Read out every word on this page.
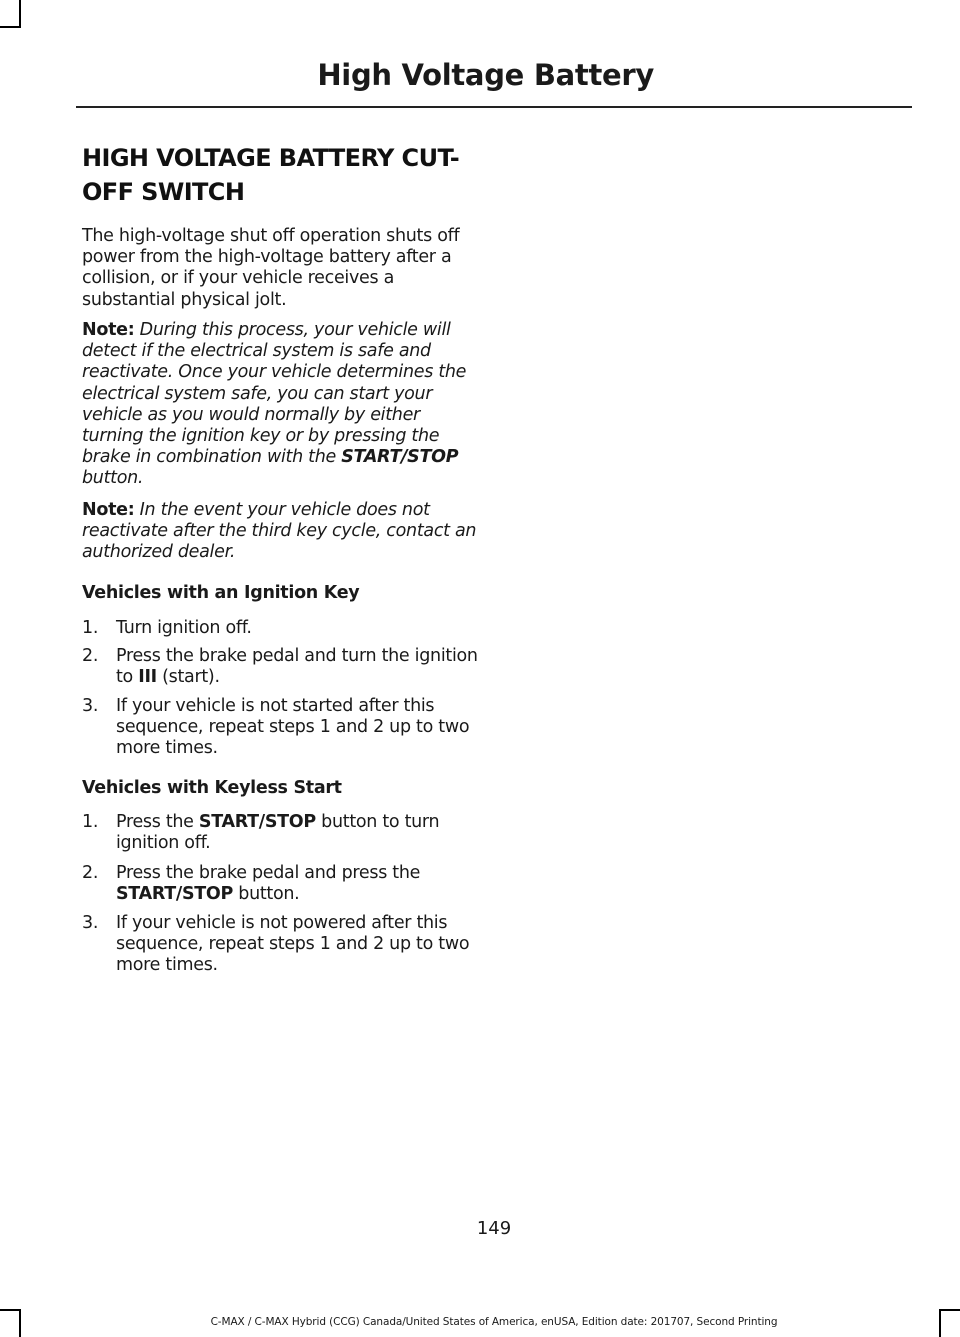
High Voltage Battery
HIGH VOLTAGE BATTERY CUT-
OFF SWITCH
The high-voltage shut off operation shuts off power from the high-voltage battery after a collision, or if your vehicle receives a substantial physical jolt.
Note: During this process, your vehicle will detect if the electrical system is safe and reactivate. Once your vehicle determines the electrical system safe, you can start your vehicle as you would normally by either turning the ignition key or by pressing the brake in combination with the START/STOP button.
Note: In the event your vehicle does not reactivate after the third key cycle, contact an authorized dealer.
Vehicles with an Ignition Key
1. Turn ignition off.
2. Press the brake pedal and turn the ignition to III (start).
3. If your vehicle is not started after this sequence, repeat steps 1 and 2 up to two more times.
Vehicles with Keyless Start
1. Press the START/STOP button to turn ignition off.
2. Press the brake pedal and press the START/STOP button.
3. If your vehicle is not powered after this sequence, repeat steps 1 and 2 up to two more times.
149
C-MAX / C-MAX Hybrid (CCG) Canada/United States of America, enUSA, Edition date: 201707, Second Printing
